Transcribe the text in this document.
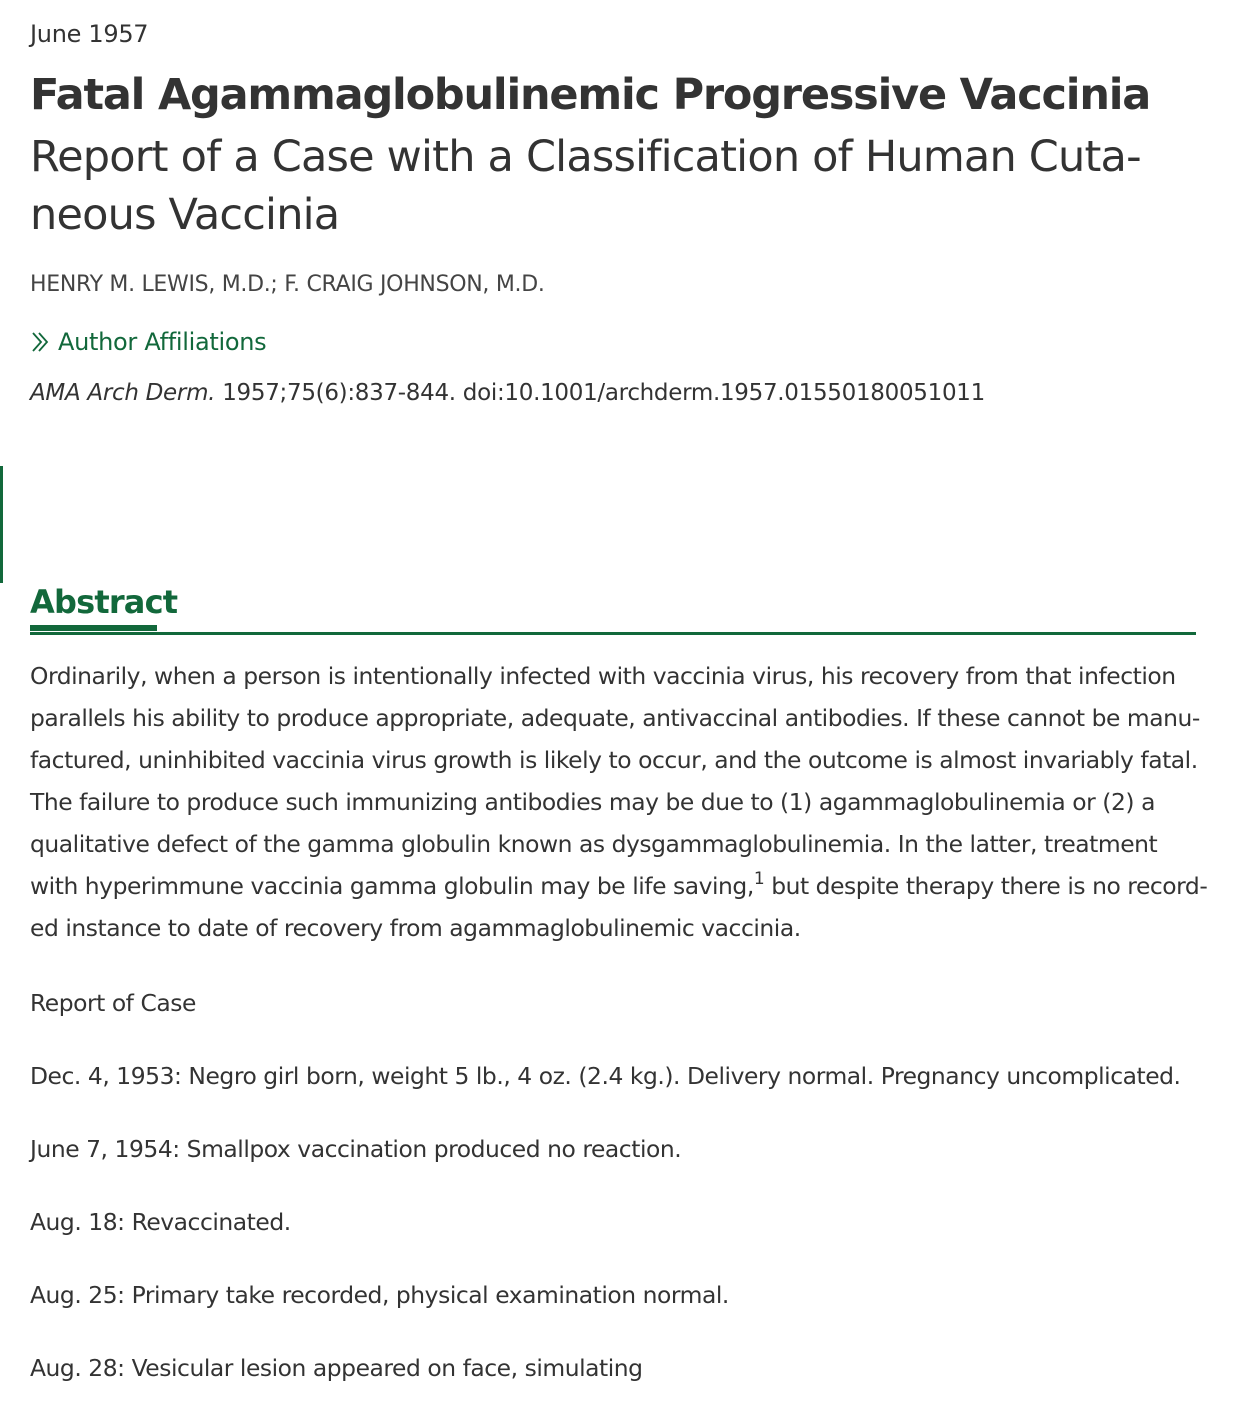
June 1957
Fatal Agammaglobulinemic Progressive Vaccinia
Report of a Case with a Classification of Human Cuta-
neous Vaccinia
HENRY M. LEWIS, M.D.; F. CRAIG JOHNSON, M.D.
Author Affiliations
AMA Arch Derm. 1957;75(6):837-844. doi:10.1001/archderm.1957.01550180051011
Abstract

Ordinarily, when a person is intentionally infected with vaccinia virus, his recovery from that infection
parallels his ability to produce appropriate, adequate, antivaccinal antibodies. If these cannot be manu-
factured, uninhibited vaccinia virus growth is likely to occur, and the outcome is almost invariably fatal.
The failure to produce such immunizing antibodies may be due to (1) agammaglobulinemia or (2) a
qualitative defect of the gamma globulin known as dysgammaglobulinemia. In the latter, treatment
with hyperimmune vaccinia gamma globulin may be life saving,$^1$ but despite therapy there is no record-
ed instance to date of recovery from agammaglobulinemic vaccinia.

Report of Case

Dec. 4, 1953: Negro girl born, weight 5 lb., 4 oz. (2.4 kg.). Delivery normal. Pregnancy uncomplicated.

June 7, 1954: Smallpox vaccination produced no reaction.

Aug. 18: Revaccinated.

Aug. 25: Primary take recorded, physical examination normal.

Aug. 28: Vesicular lesion appeared on face, simulating
